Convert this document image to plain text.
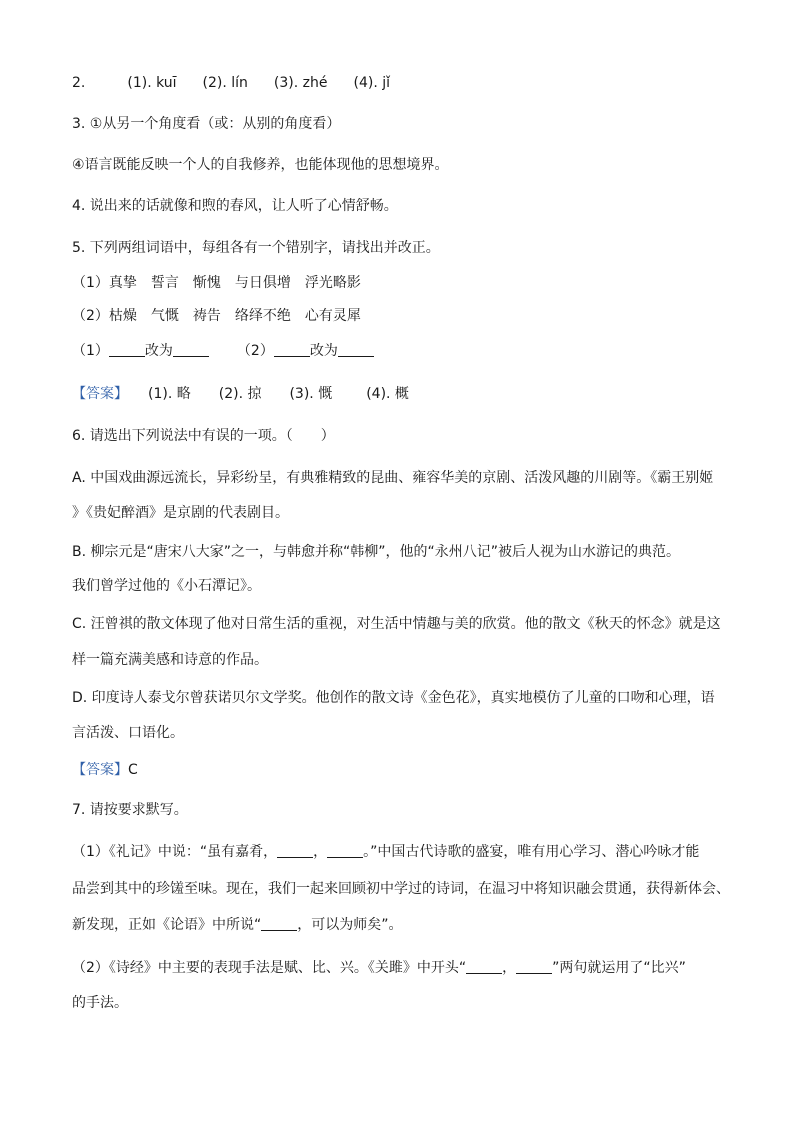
2.	(1). kuī (2). lín (3). zhé (4). jǐ
3. ①从另一个角度看（或：从别的角度看）
④语言既能反映一个人的自我修养，也能体现他的思想境界。
4. 说出来的话就像和煦的春风，让人听了心情舒畅。
5. 下列两组词语中，每组各有一个错别字，请找出并改正。
（1）真挚　誓言　惭愧　与日俱增　浮光略影
（2）枯燥　气慨　祷告　络绎不绝　心有灵犀
（1）	改为	（2）	改为
【答案】 (1). 略 (2). 掠 (3). 慨 (4). 概
6. 请选出下列说法中有误的一项。（　　）
A. 中国戏曲源远流长，异彩纷呈，有典雅精致的昆曲、雍容华美的京剧、活泼风趣的川剧等。《霸王别姬
》《贵妃醉酒》是京剧的代表剧目。
B. 柳宗元是“唐宋八大家”之一，与韩愈并称“韩柳”，他的“永州八记”被后人视为山水游记的典范。
我们曾学过他的《小石潭记》。
C. 汪曾祺的散文体现了他对日常生活的重视，对生活中情趣与美的欣赏。他的散文《秋天的怀念》就是这
样一篇充满美感和诗意的作品。
D. 印度诗人泰戈尔曾获诺贝尔文学奖。他创作的散文诗《金色花》，真实地模仿了儿童的口吻和心理，语
言活泼、口语化。
【答案】C
7. 请按要求默写。
（1）《礼记》中说：“虽有嘉肴，	，	。”中国古代诗歌的盛宴，唯有用心学习、潜心吟咏才能
品尝到其中的珍馐至味。现在，我们一起来回顾初中学过的诗词，在温习中将知识融会贯通，获得新体会、
新发现，正如《论语》中所说“	，可以为师矣”。
（2）《诗经》中主要的表现手法是赋、比、兴。《关雎》中开头“	，	”两句就运用了“比兴”
的手法。
